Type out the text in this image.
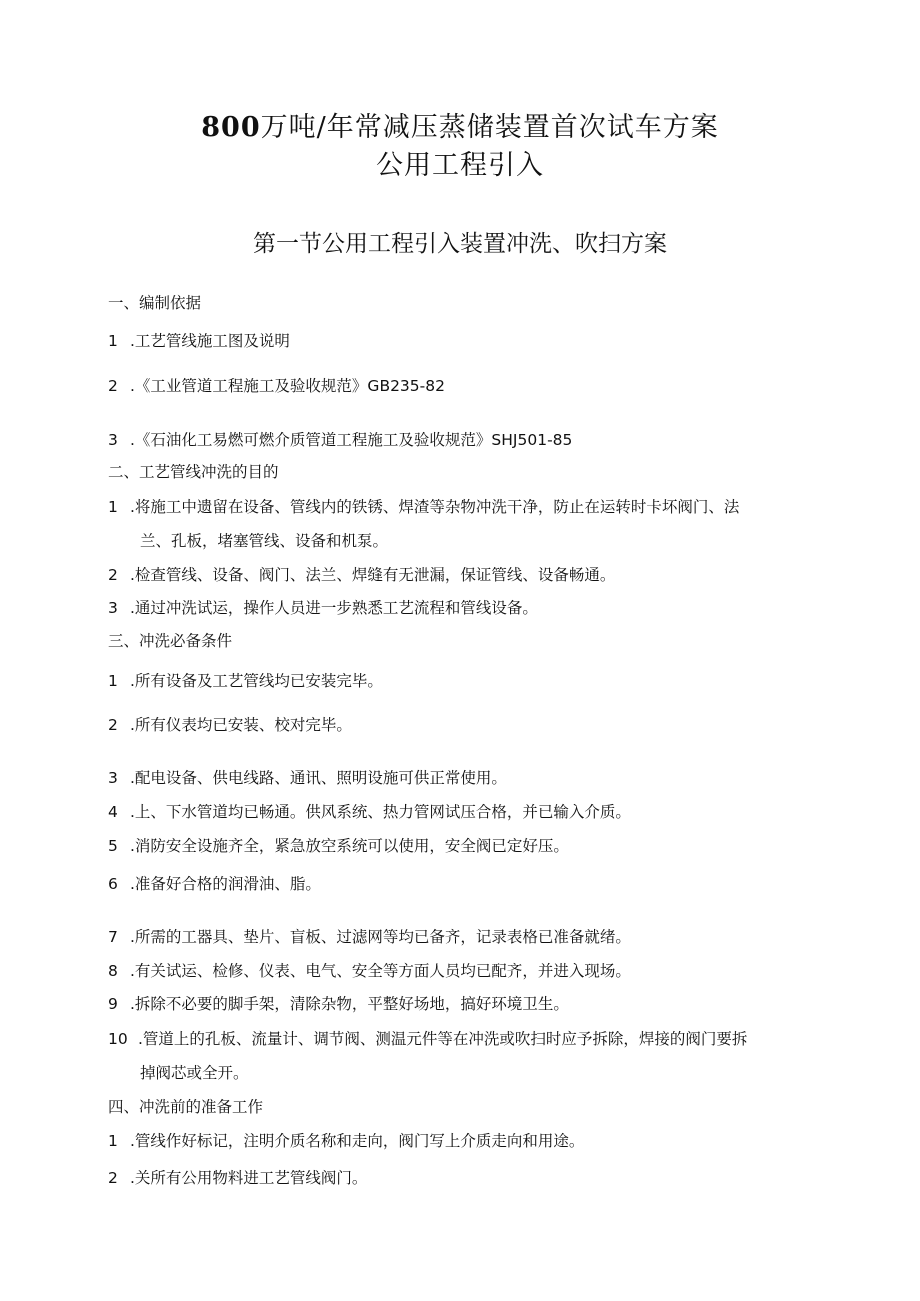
800万吨/年常减压蒸储装置首次试车方案
公用工程引入
第一节公用工程引入装置冲洗、吹扫方案
一、编制依据
1 .工艺管线施工图及说明
2 .《工业管道工程施工及验收规范》GB235-82
3 .《石油化工易燃可燃介质管道工程施工及验收规范》SHJ501-85
二、工艺管线冲洗的目的
1 .将施工中遗留在设备、管线内的铁锈、焊渣等杂物冲洗干净，防止在运转时卡坏阀门、法
兰、孔板，堵塞管线、设备和机泵。
2 .检查管线、设备、阀门、法兰、焊缝有无泄漏，保证管线、设备畅通。
3 .通过冲洗试运，操作人员进一步熟悉工艺流程和管线设备。
三、冲洗必备条件
1 .所有设备及工艺管线均已安装完毕。
2 .所有仪表均已安装、校对完毕。
3 .配电设备、供电线路、通讯、照明设施可供正常使用。
4 .上、下水管道均已畅通。供风系统、热力管网试压合格，并已输入介质。
5 .消防安全设施齐全，紧急放空系统可以使用，安全阀已定好压。
6 .准备好合格的润滑油、脂。
7 .所需的工器具、垫片、盲板、过滤网等均已备齐，记录表格已准备就绪。
8 .有关试运、检修、仪表、电气、安全等方面人员均已配齐，并进入现场。
9 .拆除不必要的脚手架，清除杂物，平整好场地，搞好环境卫生。
10 .管道上的孔板、流量计、调节阀、测温元件等在冲洗或吹扫时应予拆除，焊接的阀门要拆
掉阀芯或全开。
四、冲洗前的准备工作
1 .管线作好标记，注明介质名称和走向，阀门写上介质走向和用途。
2 .关所有公用物料进工艺管线阀门。
